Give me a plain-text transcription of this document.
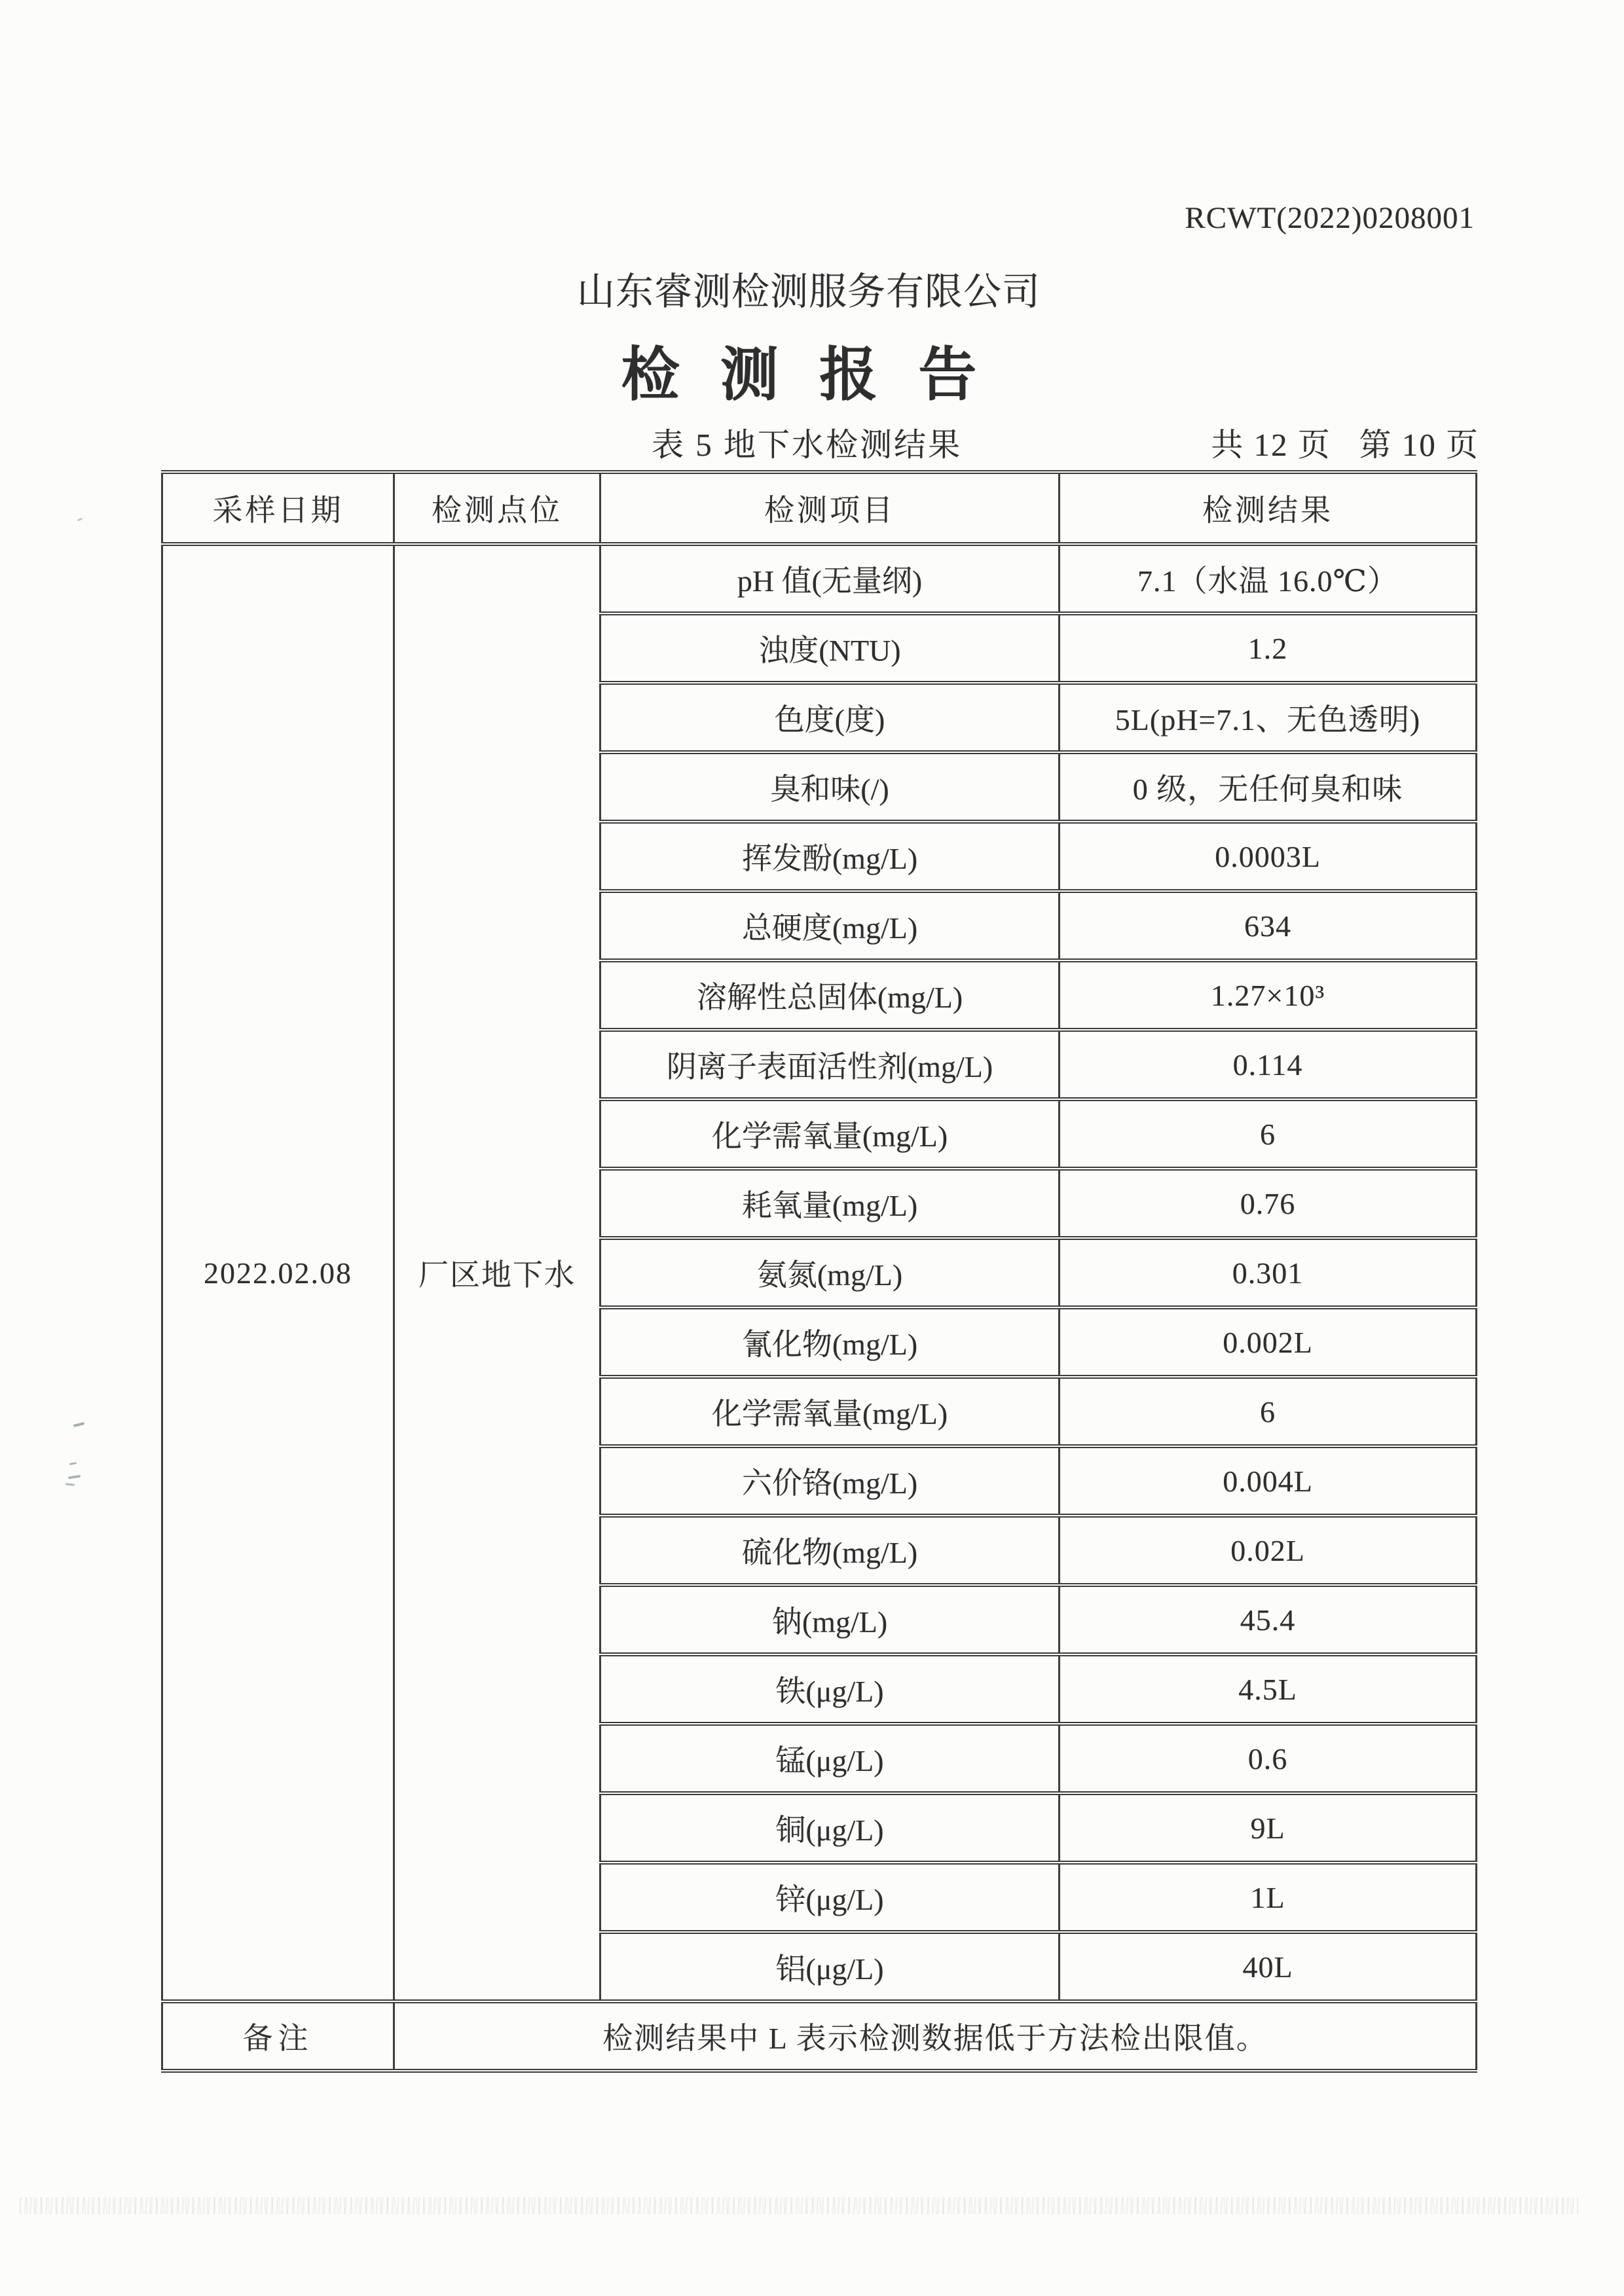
RCWT(2022)0208001
山东睿测检测服务有限公司
检 测 报 告
表 5 地下水检测结果	共 12 页   第 10 页
采样日期	检测点位	检测项目	检测结果
2022.02.08	厂区地下水	pH 值(无量纲)	7.1（水温 16.0℃）
		浊度(NTU)	1.2
		色度(度)	5L(pH=7.1、无色透明)
		臭和味(/)	0 级，无任何臭和味
		挥发酚(mg/L)	0.0003L
		总硬度(mg/L)	634
		溶解性总固体(mg/L)	1.27×10³
		阴离子表面活性剂(mg/L)	0.114
		化学需氧量(mg/L)	6
		耗氧量(mg/L)	0.76
		氨氮(mg/L)	0.301
		氰化物(mg/L)	0.002L
		化学需氧量(mg/L)	6
		六价铬(mg/L)	0.004L
		硫化物(mg/L)	0.02L
		钠(mg/L)	45.4
		铁(μg/L)	4.5L
		锰(μg/L)	0.6
		铜(μg/L)	9L
		锌(μg/L)	1L
		铝(μg/L)	40L
备注	检测结果中 L 表示检测数据低于方法检出限值。		
